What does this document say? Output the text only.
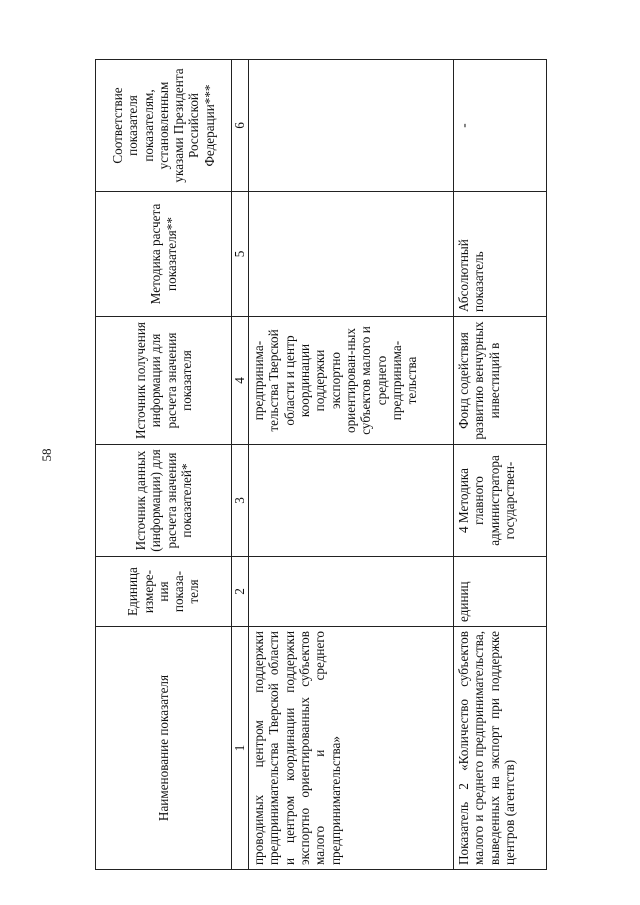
58
Наименование показателя	Единица измере-ния показа-теля	Источник данных (информации) для расчета значения показателей*	Источник получения информации для расчета значения показателя	Методика расчета показателя**	Соответствие показателя показателям, установленным указами Президента Российской Федерации***
1	2	3	4	5	6

проводимых центром поддержки предпринимательства Тверской области и центром координации поддержки экспортно ориентированных субъектов малого и среднего предпринимательства»			предпринима-тельства Тверской области и центр координации поддержки экспортно ориентирован-ных субъектов малого и среднего предпринима-тельства		

Показатель 2 «Количество субъектов малого и среднего предпринимательства, выведенных на экспорт при поддержке центров (агентств)	единиц	4 Методика главного администратора государствен-	Фонд содействия развитию венчурных инвестиций в	Абсолютный показатель	-
